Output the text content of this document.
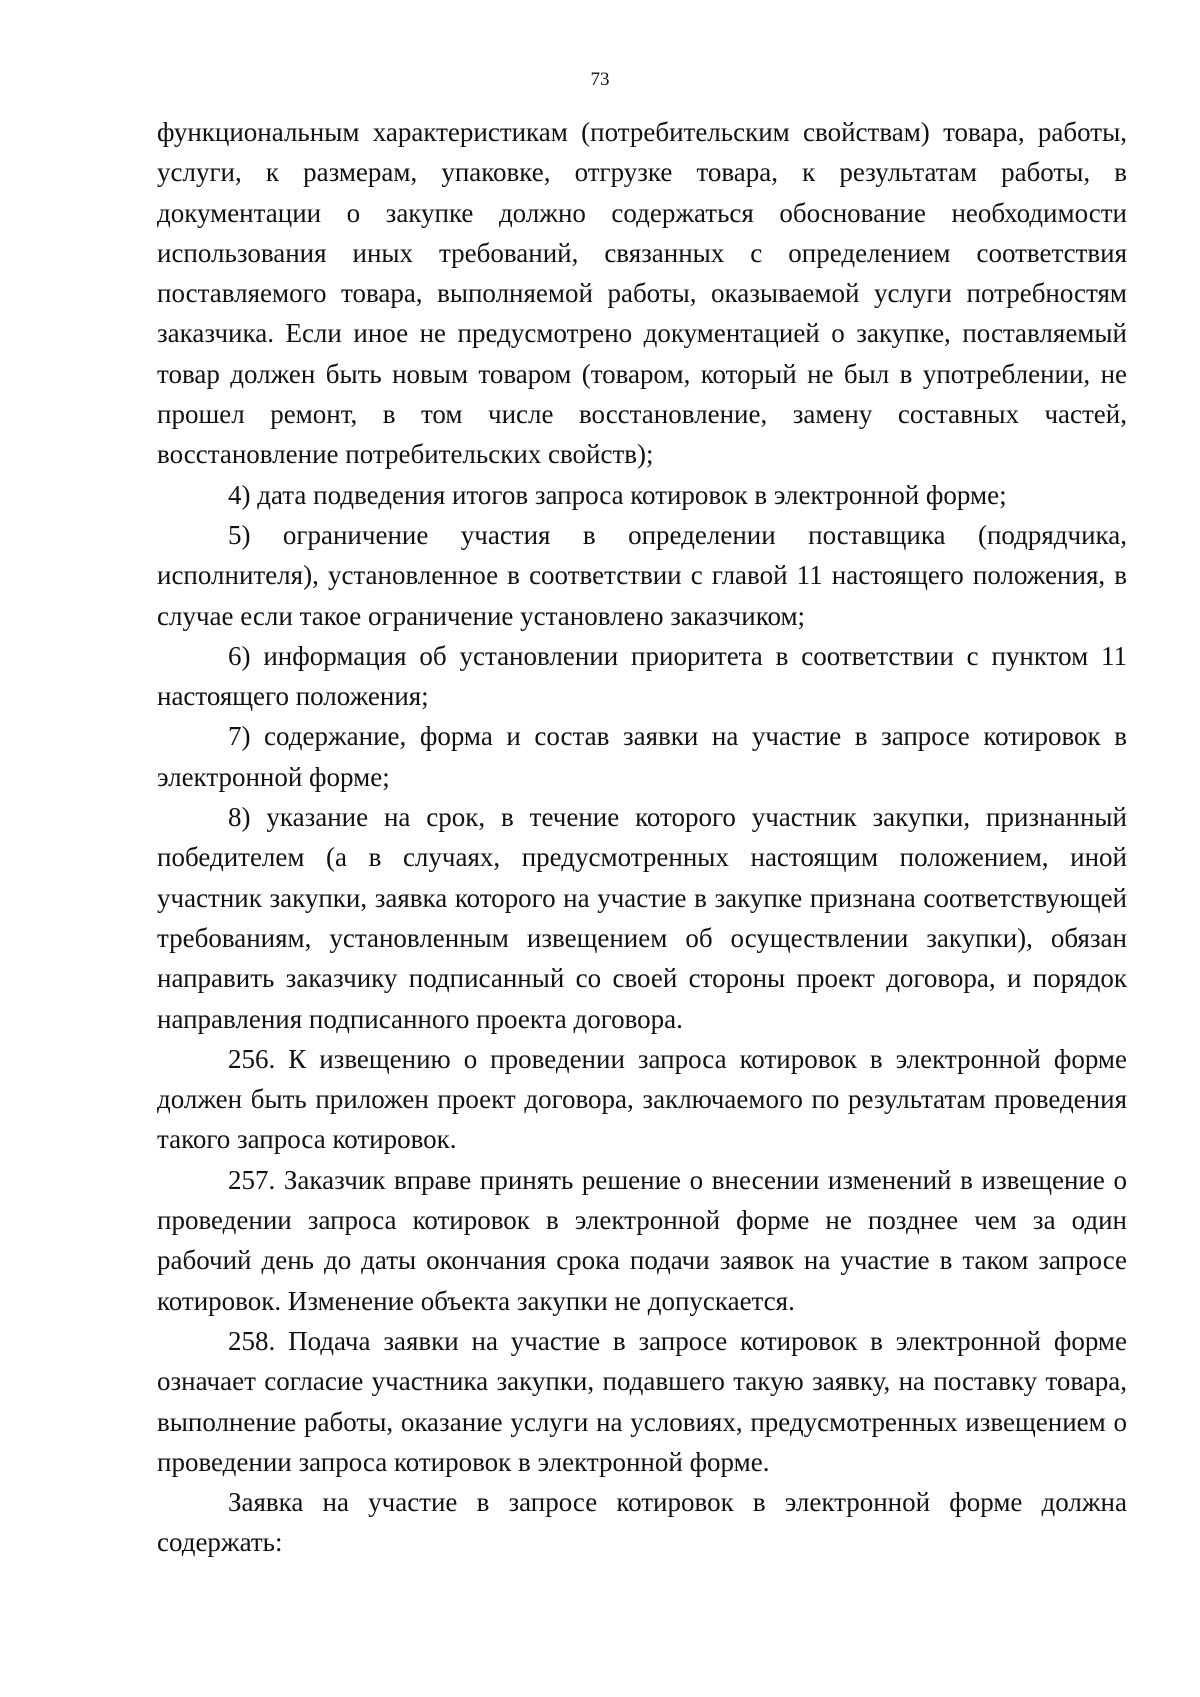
73

функциональным характеристикам (потребительским свойствам) товара, работы, услуги, к размерам, упаковке, отгрузке товара, к результатам работы, в документации о закупке должно содержаться обоснование необходимости использования иных требований, связанных с определением соответствия поставляемого товара, выполняемой работы, оказываемой услуги потребностям заказчика. Если иное не предусмотрено документацией о закупке, поставляемый товар должен быть новым товаром (товаром, который не был в употреблении, не прошел ремонт, в том числе восстановление, замену составных частей, восстановление потребительских свойств);

4) дата подведения итогов запроса котировок в электронной форме;

5) ограничение участия в определении поставщика (подрядчика, исполнителя), установленное в соответствии с главой 11 настоящего положения, в случае если такое ограничение установлено заказчиком;

6) информация об установлении приоритета в соответствии с пунктом 11 настоящего положения;

7) содержание, форма и состав заявки на участие в запросе котировок в электронной форме;

8) указание на срок, в течение которого участник закупки, признанный победителем (а в случаях, предусмотренных настоящим положением, иной участник закупки, заявка которого на участие в закупке признана соответствующей требованиям, установленным извещением об осуществлении закупки), обязан направить заказчику подписанный со своей стороны проект договора, и порядок направления подписанного проекта договора.

256. К извещению о проведении запроса котировок в электронной форме должен быть приложен проект договора, заключаемого по результатам проведения такого запроса котировок.

257. Заказчик вправе принять решение о внесении изменений в извещение о проведении запроса котировок в электронной форме не позднее чем за один рабочий день до даты окончания срока подачи заявок на участие в таком запросе котировок. Изменение объекта закупки не допускается.

258. Подача заявки на участие в запросе котировок в электронной форме означает согласие участника закупки, подавшего такую заявку, на поставку товара, выполнение работы, оказание услуги на условиях, предусмотренных извещением о проведении запроса котировок в электронной форме.

Заявка на участие в запросе котировок в электронной форме должна содержать:
